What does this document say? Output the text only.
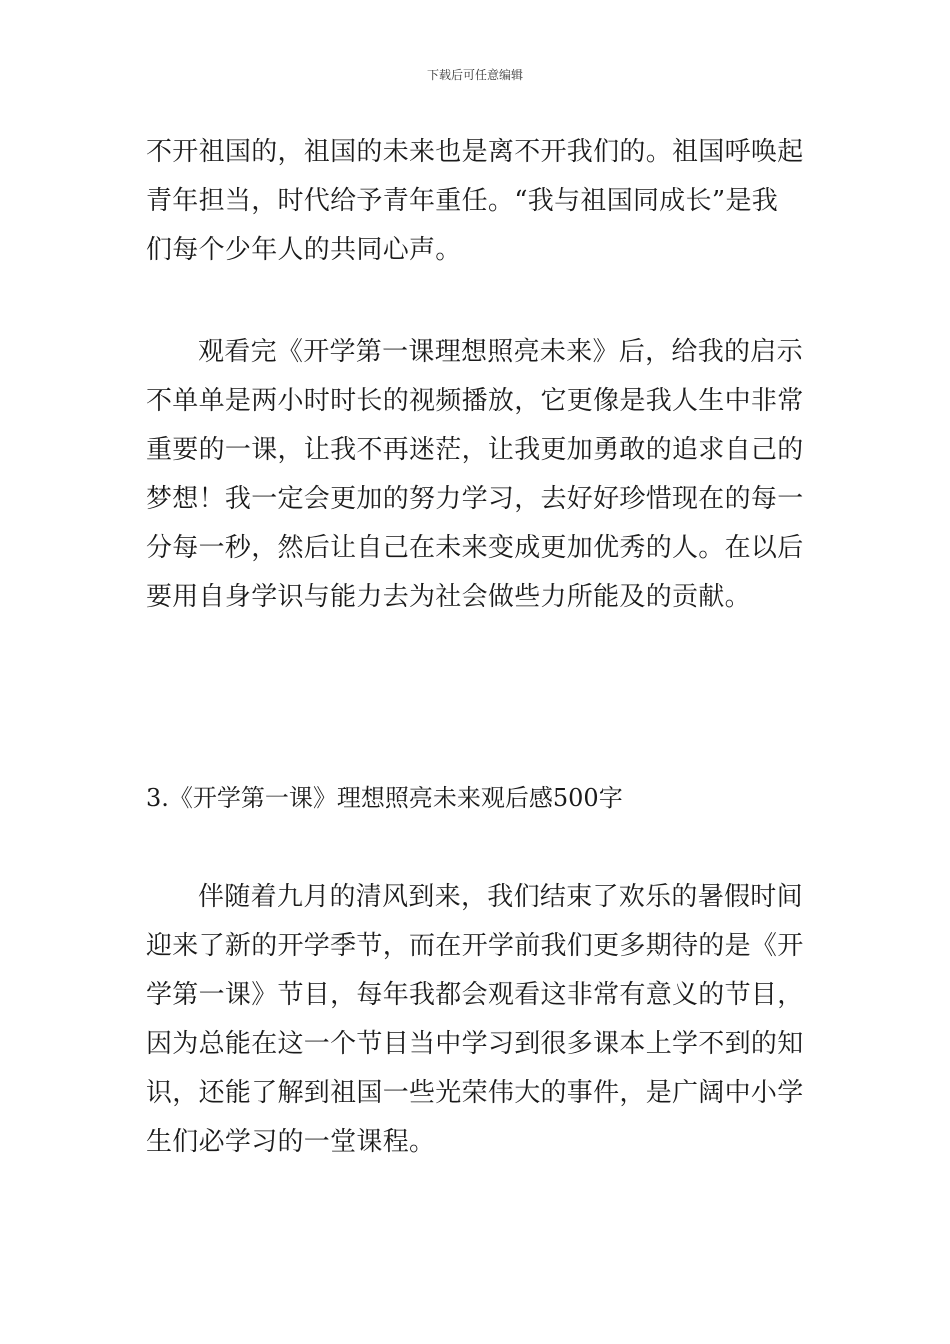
下载后可任意编辑
不开祖国的，祖国的未来也是离不开我们的。祖国呼唤起
青年担当，时代给予青年重任。“我与祖国同成长”是我
们每个少年人的共同心声。
观看完《开学第一课理想照亮未来》后，给我的启示
不单单是两小时时长的视频播放，它更像是我人生中非常
重要的一课，让我不再迷茫，让我更加勇敢的追求自己的
梦想！我一定会更加的努力学习，去好好珍惜现在的每一
分每一秒，然后让自己在未来变成更加优秀的人。在以后
要用自身学识与能力去为社会做些力所能及的贡献。
3.《开学第一课》理想照亮未来观后感500字
伴随着九月的清风到来，我们结束了欢乐的暑假时间
迎来了新的开学季节，而在开学前我们更多期待的是《开
学第一课》节目，每年我都会观看这非常有意义的节目，
因为总能在这一个节目当中学习到很多课本上学不到的知
识，还能了解到祖国一些光荣伟大的事件，是广阔中小学
生们必学习的一堂课程。
